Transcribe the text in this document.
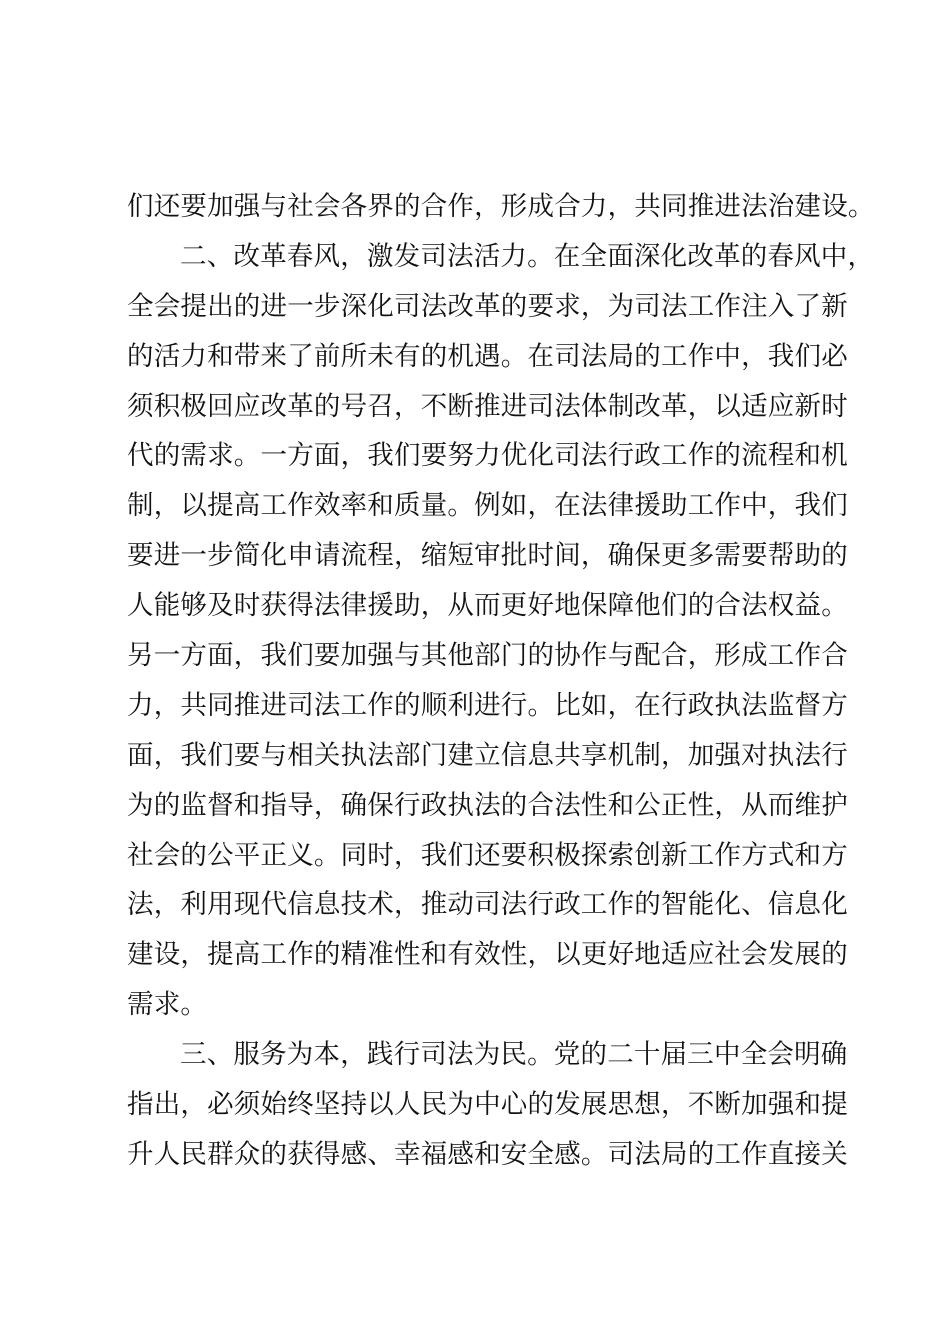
们还要加强与社会各界的合作，形成合力，共同推进法治建设。
二、改革春风，激发司法活力。在全面深化改革的春风中，
全会提出的进一步深化司法改革的要求，为司法工作注入了新
的活力和带来了前所未有的机遇。在司法局的工作中，我们必
须积极回应改革的号召，不断推进司法体制改革，以适应新时
代的需求。一方面，我们要努力优化司法行政工作的流程和机
制，以提高工作效率和质量。例如，在法律援助工作中，我们
要进一步简化申请流程，缩短审批时间，确保更多需要帮助的
人能够及时获得法律援助，从而更好地保障他们的合法权益。
另一方面，我们要加强与其他部门的协作与配合，形成工作合
力，共同推进司法工作的顺利进行。比如，在行政执法监督方
面，我们要与相关执法部门建立信息共享机制，加强对执法行
为的监督和指导，确保行政执法的合法性和公正性，从而维护
社会的公平正义。同时，我们还要积极探索创新工作方式和方
法，利用现代信息技术，推动司法行政工作的智能化、信息化
建设，提高工作的精准性和有效性，以更好地适应社会发展的
需求。
三、服务为本，践行司法为民。党的二十届三中全会明确
指出，必须始终坚持以人民为中心的发展思想，不断加强和提
升人民群众的获得感、幸福感和安全感。司法局的工作直接关
